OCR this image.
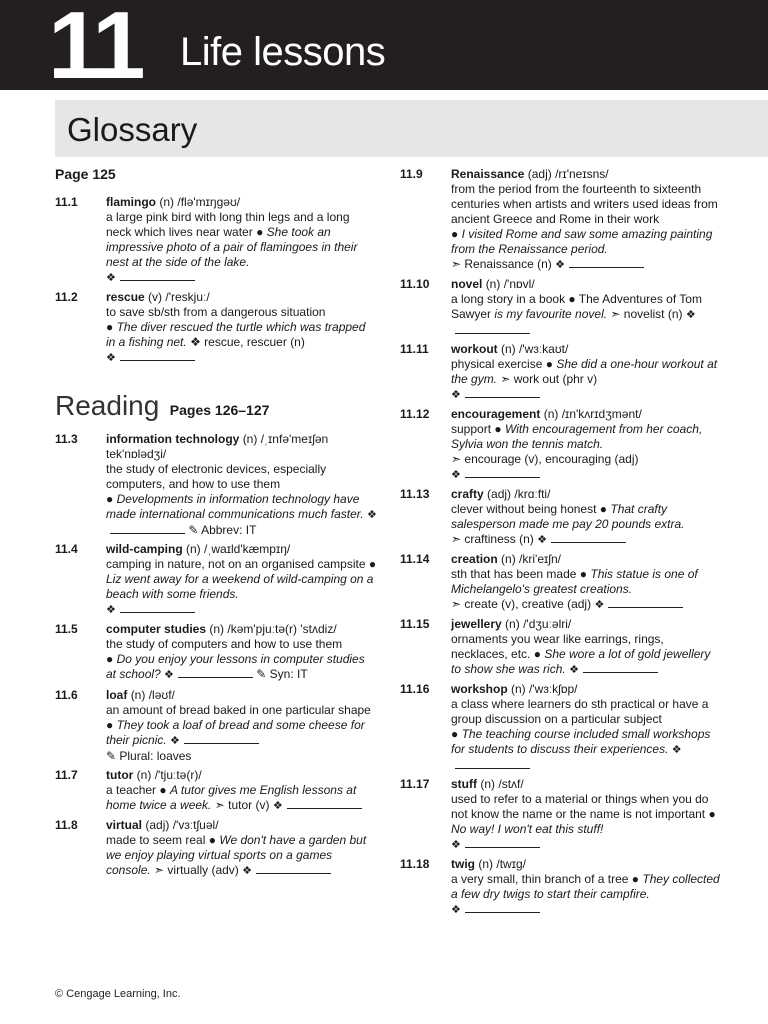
11 Life lessons
Glossary
Page 125
11.1	flamingo (n) /flə'mɪŋgəʊ/
a large pink bird with long thin legs and a long neck which lives near water ● She took an impressive photo of a pair of flamingoes in their nest at the side of the lake.
❖
11.2	rescue (v) /'reskjuː/
to save sb/sth from a dangerous situation
● The diver rescued the turtle which was trapped in a fishing net. ❖ rescue, rescuer (n)
❖
Reading Pages 126–127
11.3	information technology (n) /ˌɪnfə'meɪʃən tek'nɒlədʒi/
the study of electronic devices, especially computers, and how to use them
● Developments in information technology have made international communications much faster. ❖ ✎ Abbrev: IT
11.4	wild-camping (n) /ˌwaɪld'kæmpɪŋ/
camping in nature, not on an organised campsite ● Liz went away for a weekend of wild-camping on a beach with some friends.
❖
11.5	computer studies (n) /kəm'pjuːtə(r) 'stʌdiz/
the study of computers and how to use them
● Do you enjoy your lessons in computer studies at school? ❖	✎ Syn: IT
11.6	loaf (n) /ləʊf/
an amount of bread baked in one particular shape ● They took a loaf of bread and some cheese for their picnic. ❖
✎ Plural: loaves
11.7	tutor (n) /'tjuːtə(r)/
a teacher ● A tutor gives me English lessons at home twice a week. ➣ tutor (v) ❖
11.8	virtual (adj) /'vɜːtʃuəl/
made to seem real ● We don't have a garden but we enjoy playing virtual sports on a games console. ➣ virtually (adv) ❖
11.9	Renaissance (adj) /rɪ'neɪsns/
from the period from the fourteenth to sixteenth centuries when artists and writers used ideas from ancient Greece and Rome in their work
● I visited Rome and saw some amazing painting from the Renaissance period.
➣ Renaissance (n) ❖
11.10	novel (n) /'nɒvl/
a long story in a book ● The Adventures of Tom Sawyer is my favourite novel. ➣ novelist (n) ❖
11.11	workout (n) /'wɜːkaʊt/
physical exercise ● She did a one-hour workout at the gym. ➣ work out (phr v)
❖
11.12	encouragement (n) /ɪn'kʌrɪdʒmənt/
support ● With encouragement from her coach, Sylvia won the tennis match.
➣ encourage (v), encouraging (adj)
❖
11.13	crafty (adj) /krɑːfti/
clever without being honest ● That crafty salesperson made me pay 20 pounds extra.
➣ craftiness (n) ❖
11.14	creation (n) /kri'eɪʃn/
sth that has been made ● This statue is one of Michelangelo's greatest creations.
➣ create (v), creative (adj) ❖
11.15	jewellery (n) /'dʒuːəlri/
ornaments you wear like earrings, rings, necklaces, etc. ● She wore a lot of gold jewellery to show she was rich. ❖
11.16	workshop (n) /'wɜːkʃɒp/
a class where learners do sth practical or have a group discussion on a particular subject
● The teaching course included small workshops for students to discuss their experiences. ❖
11.17	stuff (n) /stʌf/
used to refer to a material or things when you do not know the name or the name is not important ● No way! I won't eat this stuff!
❖
11.18	twig (n) /twɪg/
a very small, thin branch of a tree ● They collected a few dry twigs to start their campfire.
❖
© Cengage Learning, Inc.
